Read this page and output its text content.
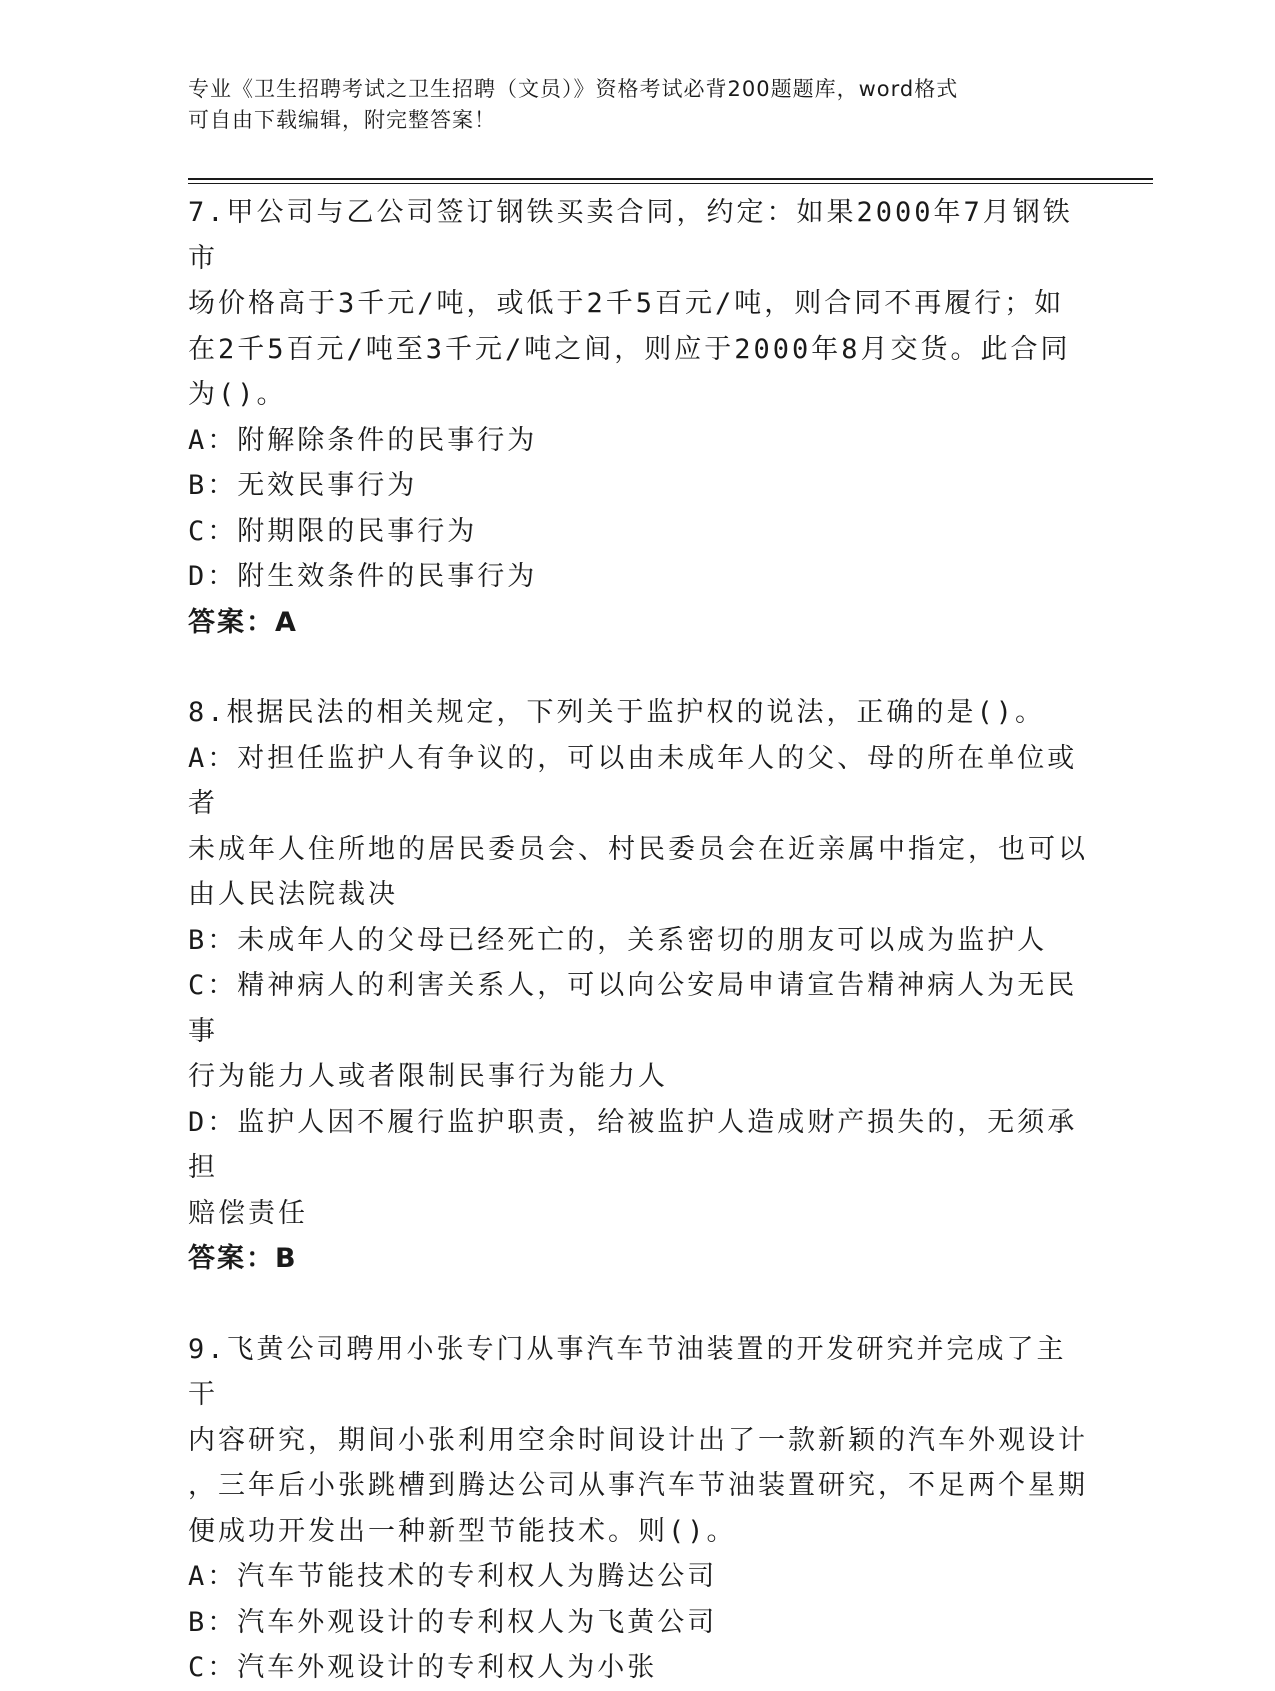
专业《卫生招聘考试之卫生招聘（文员）》资格考试必背200题题库，word格式
可自由下载编辑，附完整答案！
7.甲公司与乙公司签订钢铁买卖合同，约定：如果2000年7月钢铁市
场价格高于3千元/吨，或低于2千5百元/吨，则合同不再履行；如
在2千5百元/吨至3千元/吨之间，则应于2000年8月交货。此合同
为()。
A：附解除条件的民事行为
B：无效民事行为
C：附期限的民事行为
D：附生效条件的民事行为
答案：A
8.根据民法的相关规定，下列关于监护权的说法，正确的是()。
A：对担任监护人有争议的，可以由未成年人的父、母的所在单位或者
未成年人住所地的居民委员会、村民委员会在近亲属中指定，也可以
由人民法院裁决
B：未成年人的父母已经死亡的，关系密切的朋友可以成为监护人
C：精神病人的利害关系人，可以向公安局申请宣告精神病人为无民事
行为能力人或者限制民事行为能力人
D：监护人因不履行监护职责，给被监护人造成财产损失的，无须承担
赔偿责任
答案：B
9.飞黄公司聘用小张专门从事汽车节油装置的开发研究并完成了主干
内容研究，期间小张利用空余时间设计出了一款新颖的汽车外观设计
，三年后小张跳槽到腾达公司从事汽车节油装置研究，不足两个星期
便成功开发出一种新型节能技术。则()。
A：汽车节能技术的专利权人为腾达公司
B：汽车外观设计的专利权人为飞黄公司
C：汽车外观设计的专利权人为小张
